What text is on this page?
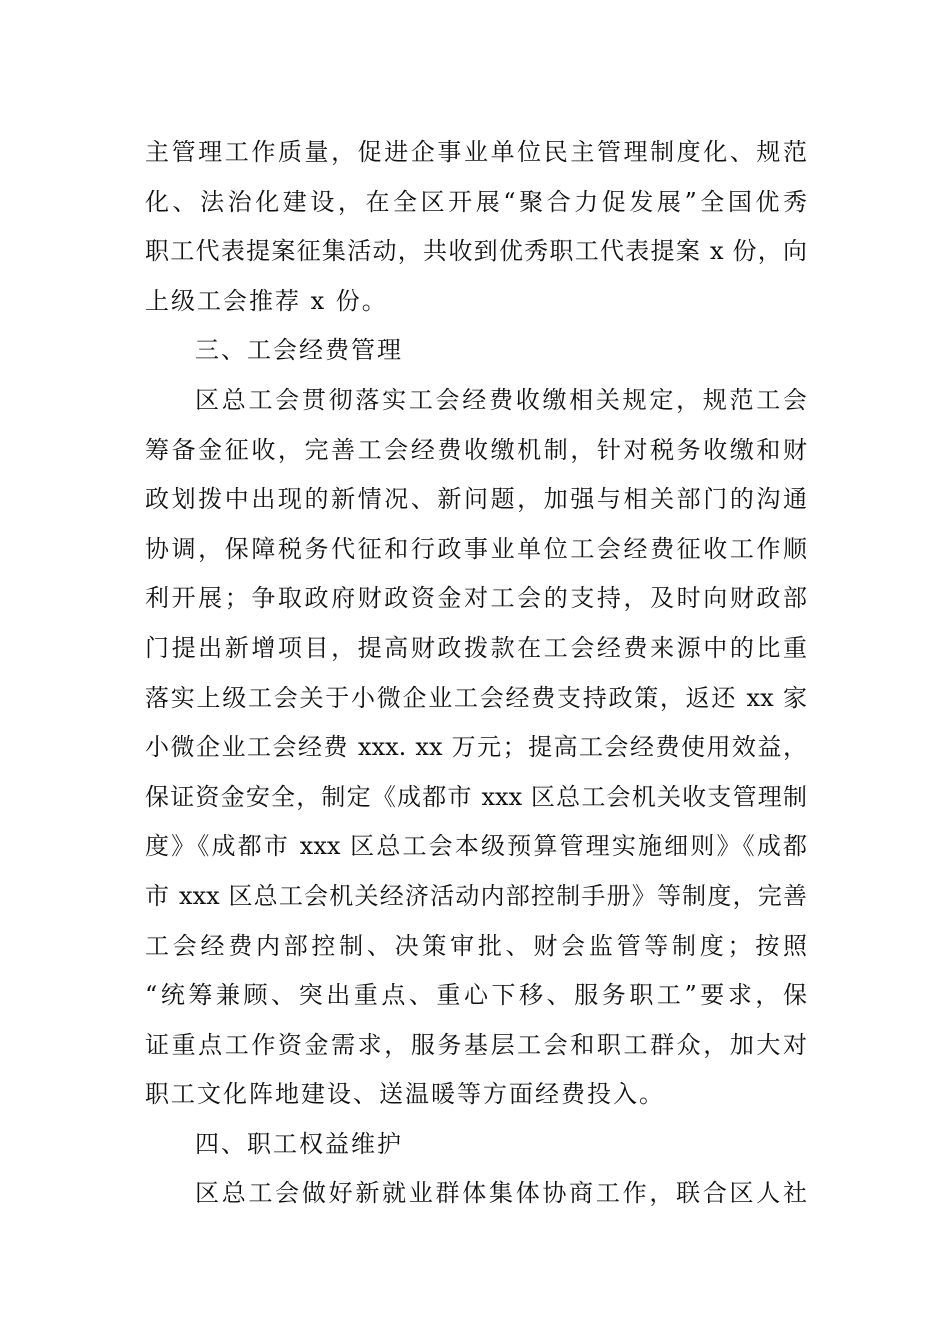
主管理工作质量，促进企事业单位民主管理制度化、规范
化、法治化建设，在全区开展“聚合力促发展”全国优秀
职工代表提案征集活动，共收到优秀职工代表提案 x 份，向
上级工会推荐 x 份。
三、工会经费管理
区总工会贯彻落实工会经费收缴相关规定，规范工会
筹备金征收，完善工会经费收缴机制，针对税务收缴和财
政划拨中出现的新情况、新问题，加强与相关部门的沟通
协调，保障税务代征和行政事业单位工会经费征收工作顺
利开展；争取政府财政资金对工会的支持，及时向财政部
门提出新增项目，提高财政拨款在工会经费来源中的比重
落实上级工会关于小微企业工会经费支持政策，返还 xx 家
小微企业工会经费 xxx. xx 万元；提高工会经费使用效益，
保证资金安全，制定《成都市 xxx 区总工会机关收支管理制
度》《成都市 xxx 区总工会本级预算管理实施细则》《成都
市 xxx 区总工会机关经济活动内部控制手册》等制度，完善
工会经费内部控制、决策审批、财会监管等制度；按照
“统筹兼顾、突出重点、重心下移、服务职工”要求，保
证重点工作资金需求，服务基层工会和职工群众，加大对
职工文化阵地建设、送温暖等方面经费投入。
四、职工权益维护
区总工会做好新就业群体集体协商工作，联合区人社
